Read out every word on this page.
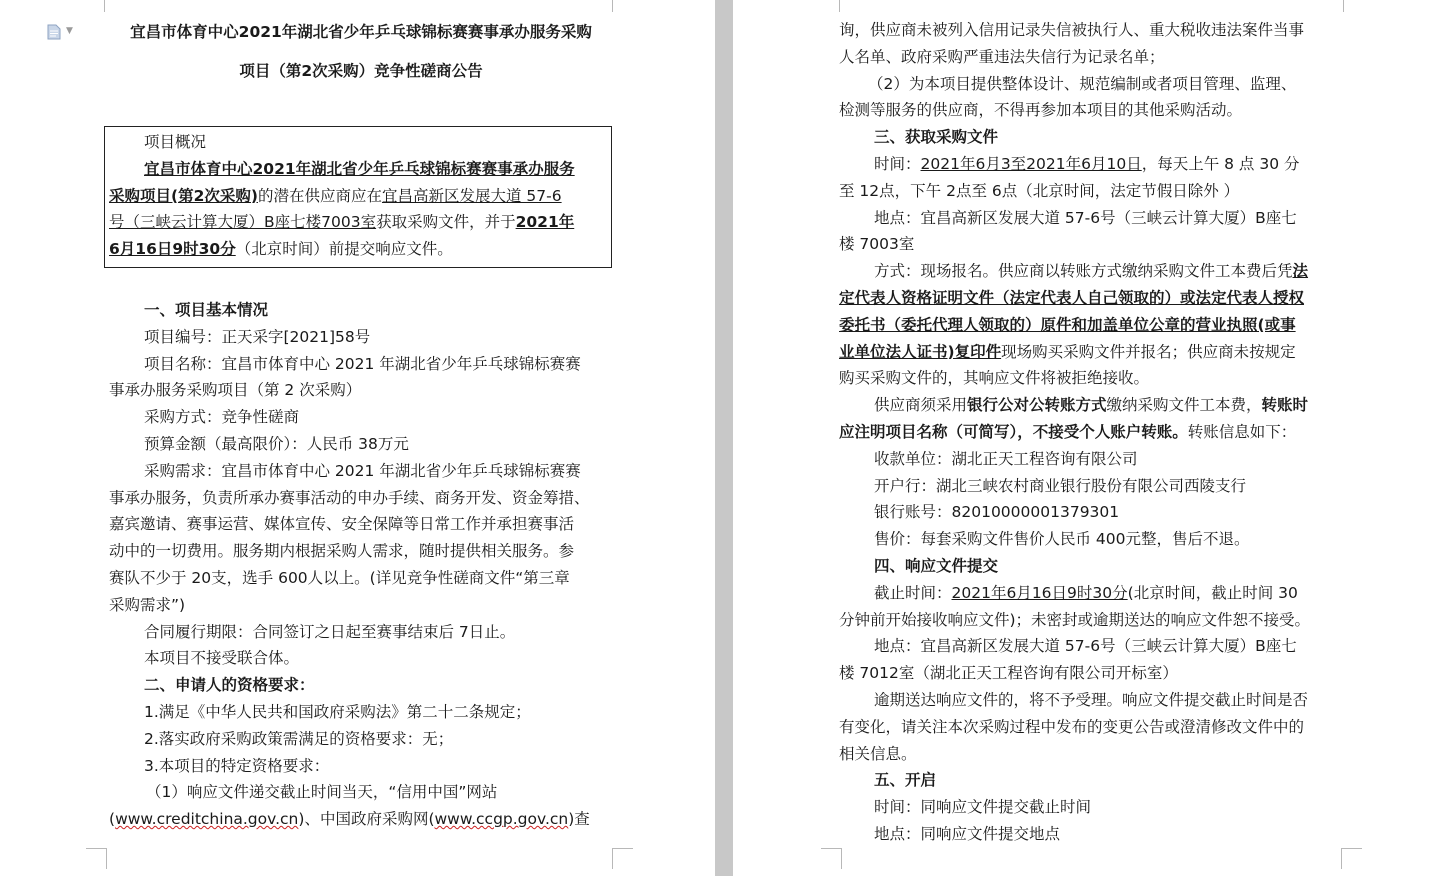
▼	宜昌市体育中心2021年湖北省少年乒乓球锦标赛赛事承办服务采购
项目（第2次采购）竞争性磋商公告
项目概况
宜昌市体育中心2021年湖北省少年乒乓球锦标赛赛事承办服务
采购项目(第2次采购)的潜在供应商应在宜昌高新区发展大道 57-6
号（三峡云计算大厦）B座七楼7003室获取采购文件，并于2021年
6月16日9时30分（北京时间）前提交响应文件。
一、项目基本情况
项目编号：正天采字[2021]58号
项目名称：宜昌市体育中心 2021 年湖北省少年乒乓球锦标赛赛
事承办服务采购项目（第 2 次采购）
采购方式：竞争性磋商
预算金额（最高限价）：人民币 38万元
采购需求：宜昌市体育中心 2021 年湖北省少年乒乓球锦标赛赛
事承办服务，负责所承办赛事活动的申办手续、商务开发、资金筹措、
嘉宾邀请、赛事运营、媒体宣传、安全保障等日常工作并承担赛事活
动中的一切费用。服务期内根据采购人需求，随时提供相关服务。参
赛队不少于 20支，选手 600人以上。(详见竞争性磋商文件“第三章
采购需求”)
合同履行期限：合同签订之日起至赛事结束后 7日止。
本项目不接受联合体。
二、申请人的资格要求：
1.满足《中华人民共和国政府采购法》第二十二条规定；
2.落实政府采购政策需满足的资格要求：无；
3.本项目的特定资格要求：
（1）响应文件递交截止时间当天，“信用中国”网站
(www.creditchina.gov.cn)、中国政府采购网(www.ccgp.gov.cn)查
询，供应商未被列入信用记录失信被执行人、重大税收违法案件当事
人名单、政府采购严重违法失信行为记录名单；
（2）为本项目提供整体设计、规范编制或者项目管理、监理、
检测等服务的供应商，不得再参加本项目的其他采购活动。
三、获取采购文件
时间：2021年6月3至2021年6月10日，每天上午 8 点 30 分
至 12点，下午 2点至 6点（北京时间，法定节假日除外 ）
地点：宜昌高新区发展大道 57-6号（三峡云计算大厦）B座七
楼 7003室
方式：现场报名。供应商以转账方式缴纳采购文件工本费后凭法
定代表人资格证明文件（法定代表人自己领取的）或法定代表人授权
委托书（委托代理人领取的）原件和加盖单位公章的营业执照(或事
业单位法人证书)复印件现场购买采购文件并报名；供应商未按规定
购买采购文件的，其响应文件将被拒绝接收。
供应商须采用银行公对公转账方式缴纳采购文件工本费，转账时
应注明项目名称（可简写），不接受个人账户转账。转账信息如下：
收款单位：湖北正天工程咨询有限公司
开户行：湖北三峡农村商业银行股份有限公司西陵支行
银行账号：82010000001379301
售价：每套采购文件售价人民币 400元整，售后不退。
四、响应文件提交
截止时间：2021年6月16日9时30分(北京时间，截止时间 30
分钟前开始接收响应文件)；未密封或逾期送达的响应文件恕不接受。
地点：宜昌高新区发展大道 57-6号（三峡云计算大厦）B座七
楼 7012室（湖北正天工程咨询有限公司开标室）
逾期送达响应文件的，将不予受理。响应文件提交截止时间是否
有变化，请关注本次采购过程中发布的变更公告或澄清修改文件中的
相关信息。
五、开启
时间：同响应文件提交截止时间
地点：同响应文件提交地点
